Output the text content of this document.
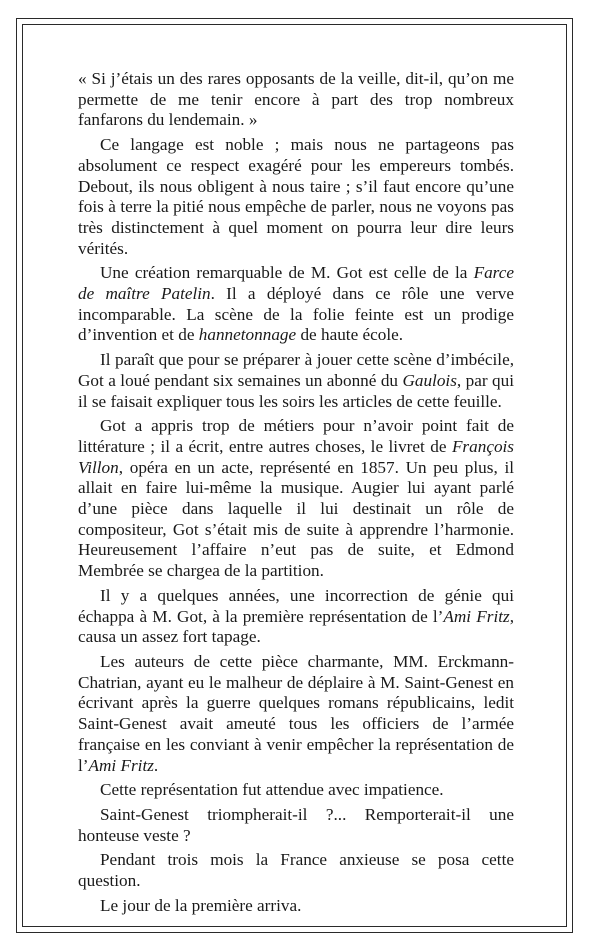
« Si j’étais un des rares opposants de la veille, dit-il, qu’on me permette de me tenir encore à part des trop nombreux fanfarons du lendemain. »

Ce langage est noble ; mais nous ne partageons pas absolument ce respect exagéré pour les empereurs tombés. Debout, ils nous obligent à nous taire ; s’il faut encore qu’une fois à terre la pitié nous empêche de parler, nous ne voyons pas très distinctement à quel moment on pourra leur dire leurs vérités.

Une création remarquable de M. Got est celle de la Farce de maître Patelin. Il a déployé dans ce rôle une verve incomparable. La scène de la folie feinte est un prodige d’invention et de hannetonnage de haute école.

Il paraît que pour se préparer à jouer cette scène d’imbécile, Got a loué pendant six semaines un abonné du Gaulois, par qui il se faisait expliquer tous les soirs les articles de cette feuille.

Got a appris trop de métiers pour n’avoir point fait de littérature ; il a écrit, entre autres choses, le livret de François Villon, opéra en un acte, représenté en 1857. Un peu plus, il allait en faire lui-même la musique. Augier lui ayant parlé d’une pièce dans laquelle il lui destinait un rôle de compositeur, Got s’était mis de suite à apprendre l’harmonie. Heureusement l’affaire n’eut pas de suite, et Edmond Membrée se chargea de la partition.

Il y a quelques années, une incorrection de génie qui échappa à M. Got, à la première représentation de l’Ami Fritz, causa un assez fort tapage.

Les auteurs de cette pièce charmante, MM. Erckmann-Chatrian, ayant eu le malheur de déplaire à M. Saint-Genest en écrivant après la guerre quelques romans républicains, ledit Saint-Genest avait ameuté tous les officiers de l’armée française en les conviant à venir empêcher la représentation de l’Ami Fritz.

Cette représentation fut attendue avec impatience.

Saint-Genest triompherait-il ?... Remporterait-il une honteuse veste ?

Pendant trois mois la France anxieuse se posa cette question.

Le jour de la première arriva.
